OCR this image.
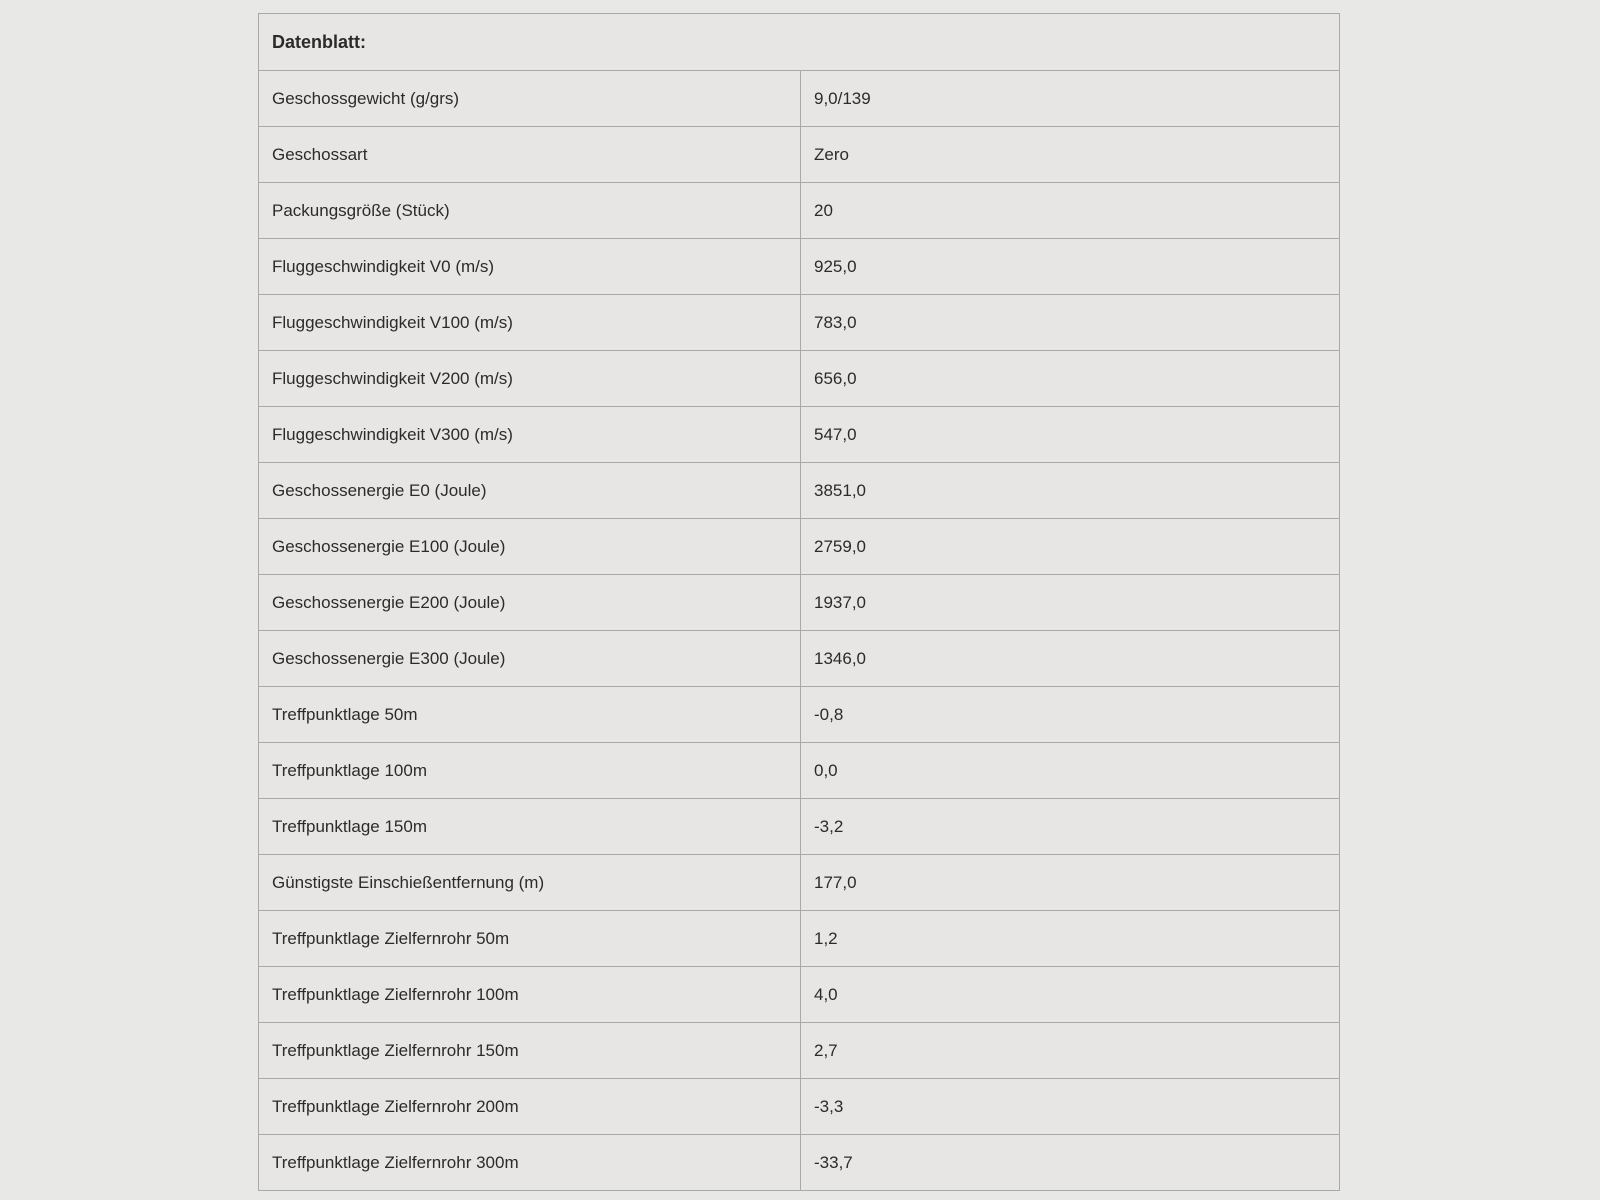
Datenblatt:	
Geschossgewicht (g/grs)	9,0/139
Geschossart	Zero
Packungsgröße (Stück)	20
Fluggeschwindigkeit V0 (m/s)	925,0
Fluggeschwindigkeit V100 (m/s)	783,0
Fluggeschwindigkeit V200 (m/s)	656,0
Fluggeschwindigkeit V300 (m/s)	547,0
Geschossenergie E0 (Joule)	3851,0
Geschossenergie E100 (Joule)	2759,0
Geschossenergie E200 (Joule)	1937,0
Geschossenergie E300 (Joule)	1346,0
Treffpunktlage 50m	-0,8
Treffpunktlage 100m	0,0
Treffpunktlage 150m	-3,2
Günstigste Einschießentfernung (m)	177,0
Treffpunktlage Zielfernrohr 50m	1,2
Treffpunktlage Zielfernrohr 100m	4,0
Treffpunktlage Zielfernrohr 150m	2,7
Treffpunktlage Zielfernrohr 200m	-3,3
Treffpunktlage Zielfernrohr 300m	-33,7
